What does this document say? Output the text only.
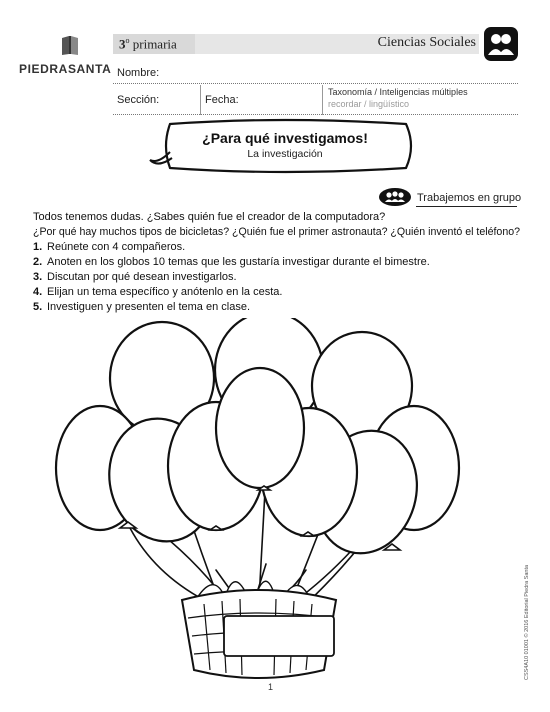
PIEDRASANTA
3$^o$ primaria	Ciencias Sociales
Nombre:
Sección:	Fecha:
Taxonomía / Inteligencias múltiples
recordar / lingüístico
¿Para qué investigamos!
La investigación
Trabajemos en grupo
Todos tenemos dudas. ¿Sabes quién fue el creador de la computadora?
¿Por qué hay muchos tipos de bicicletas? ¿Quién fue el primer astronauta? ¿Quién inventó el teléfono?
1. Reúnete con 4 compañeros.
2. Anoten en los globos 10 temas que les gustaría investigar durante el bimestre.
3. Discutan por qué desean investigarlos.
4. Elijan un tema específico y anótenlo en la cesta.
5. Investiguen y presenten el tema en clase.
1
CSS4A10 01001 © 2016 Editorial Piedra Santa
